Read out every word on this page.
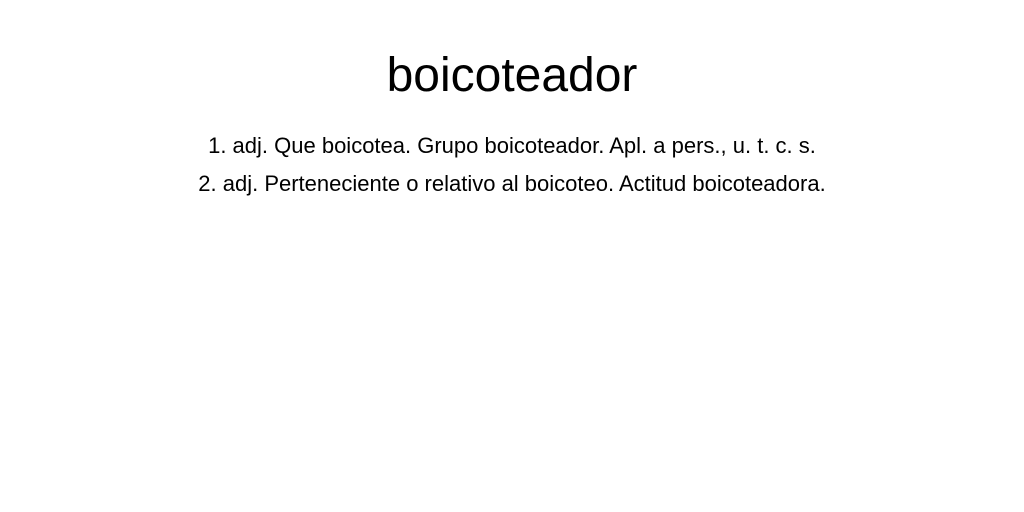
boicoteador
1. adj. Que boicotea. Grupo boicoteador. Apl. a pers., u. t. c. s.
2. adj. Perteneciente o relativo al boicoteo. Actitud boicoteadora.
